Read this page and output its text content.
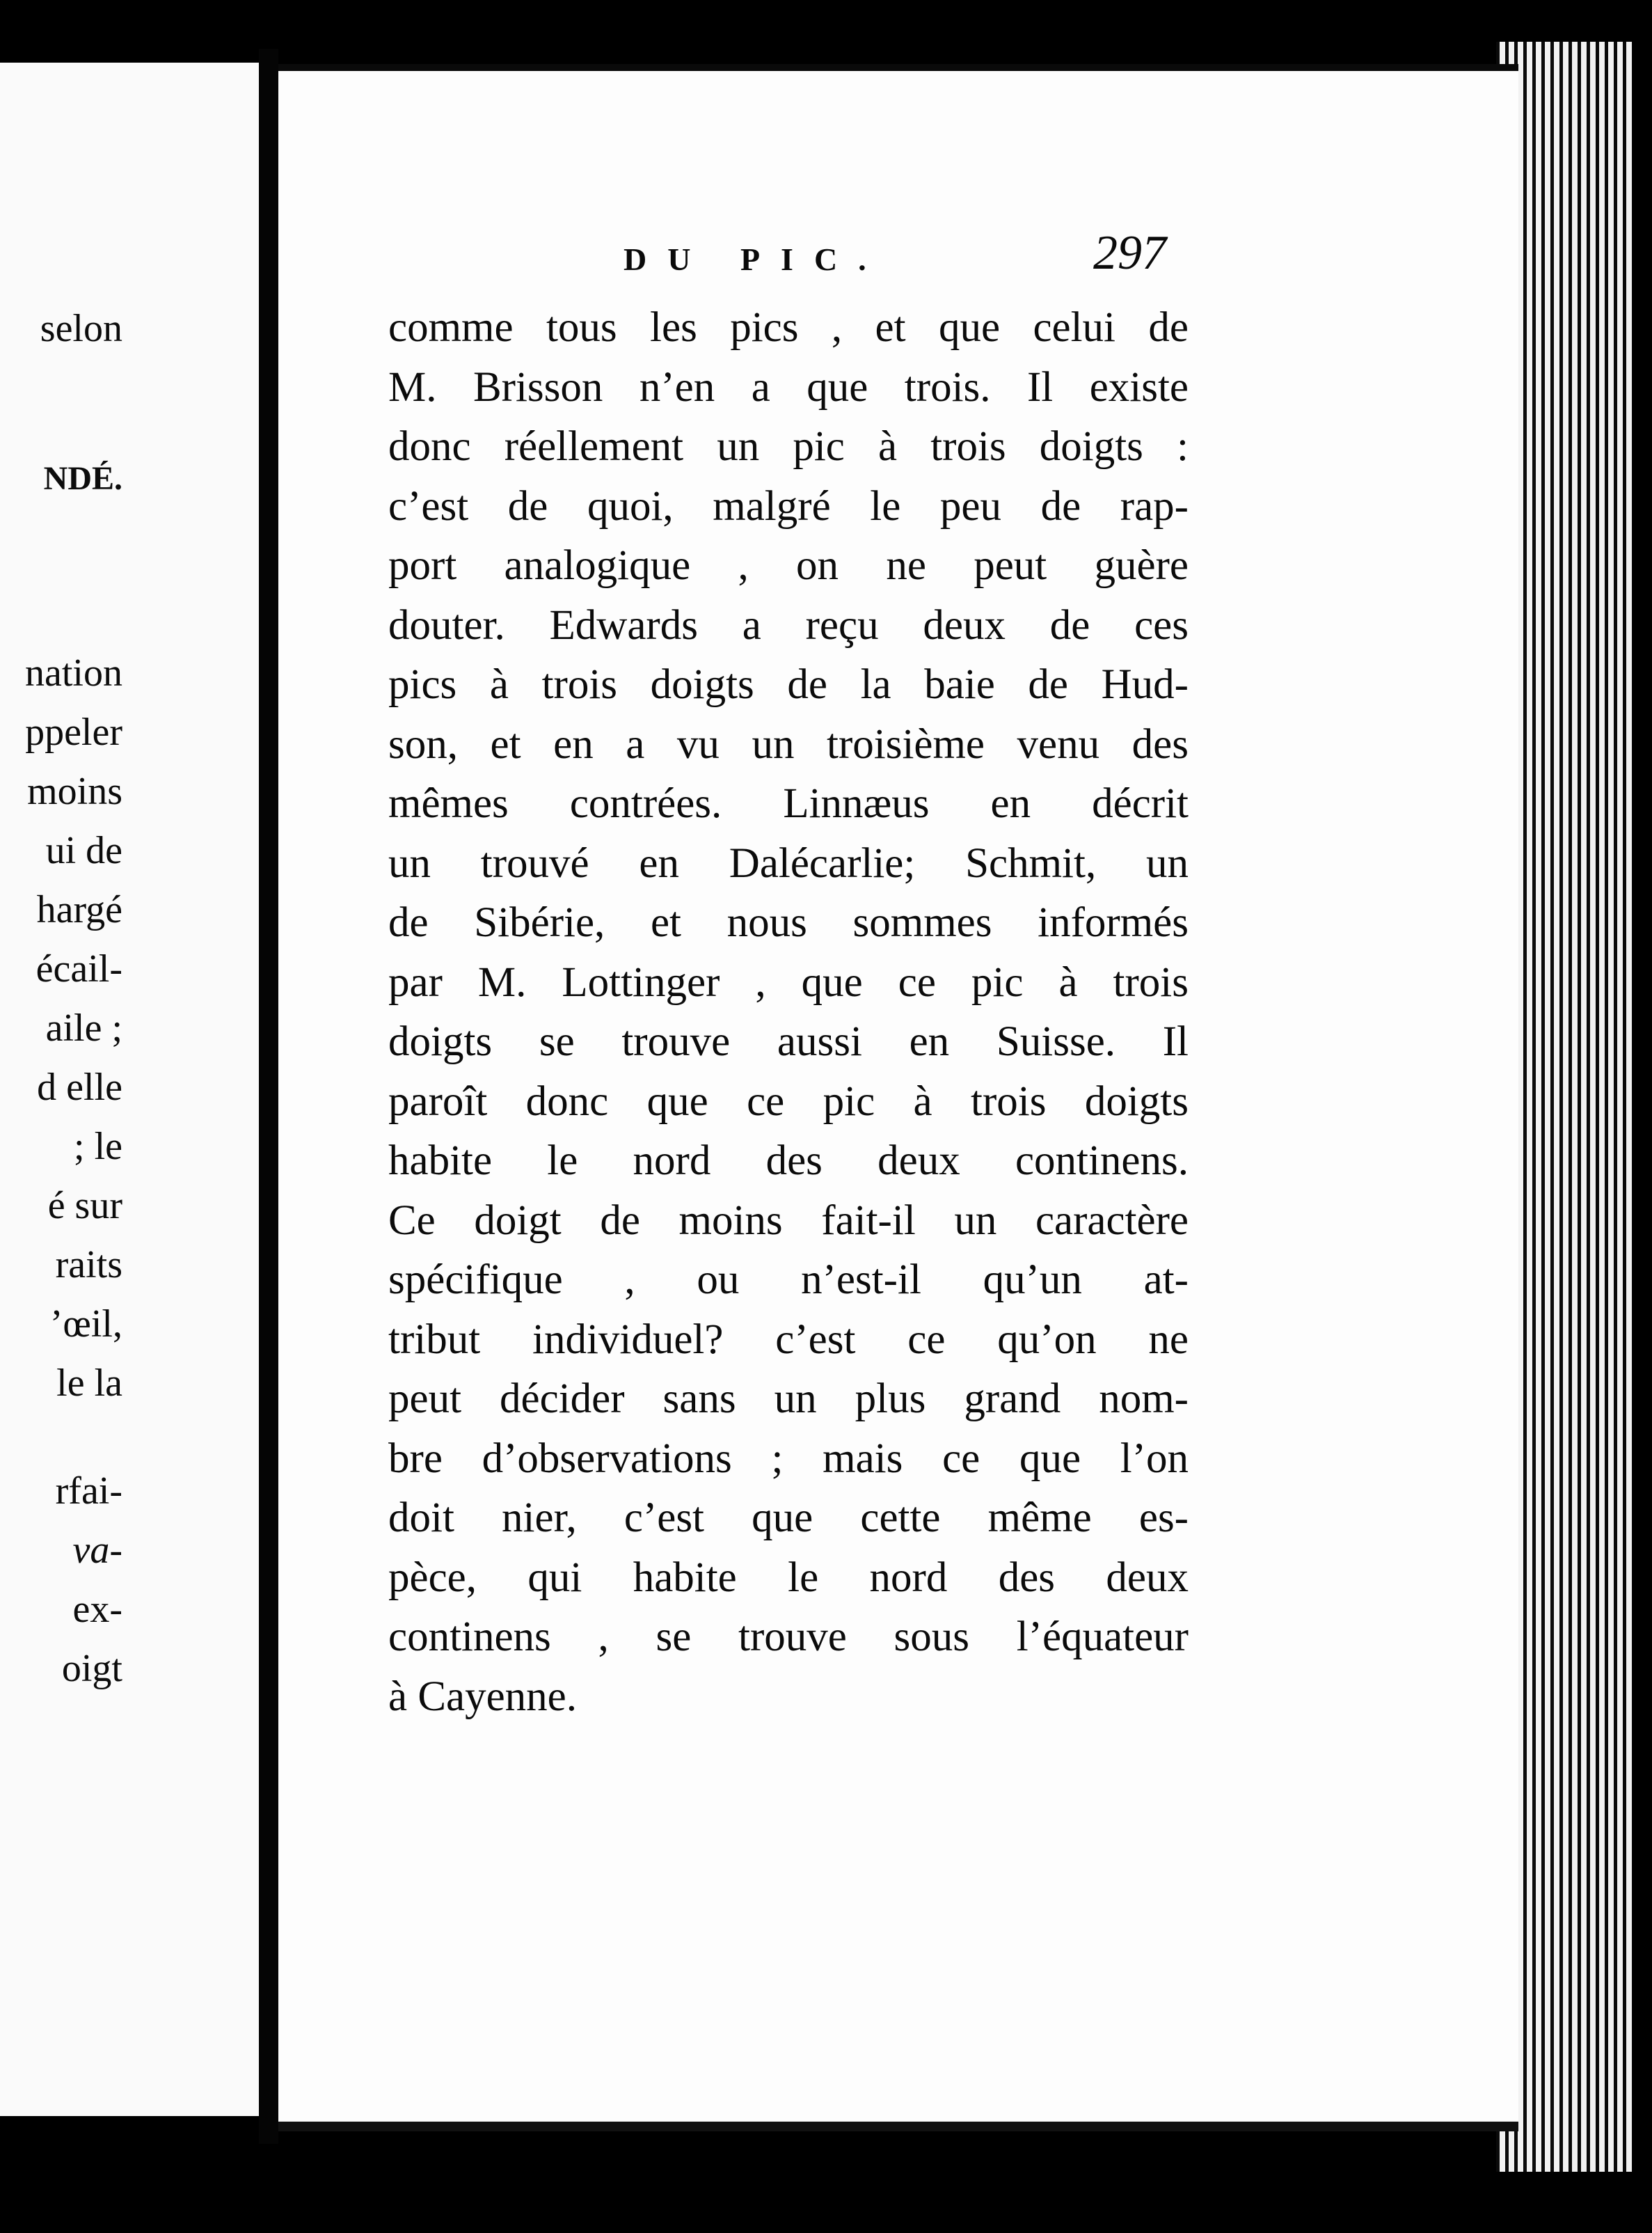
selon

NDÉ.

nation

ppeler

moins

ui de

hargé

écail-

aile ;

d elle

; le

é sur

raits

’œil,

le la

rfai-

va-

ex-

oigt

DU PIC.	297
comme tous les pics , et que celui de
M. Brisson n’en a que trois. Il existe
donc réellement un pic à trois doigts :
c’est de quoi, malgré le peu de rap-
port analogique , on ne peut guère
douter. Edwards a reçu deux de ces
pics à trois doigts de la baie de Hud-
son, et en a vu un troisième venu des
mêmes contrées. Linnæus en décrit
un trouvé en Dalécarlie; Schmit, un
de Sibérie, et nous sommes informés
par M. Lottinger , que ce pic à trois
doigts se trouve aussi en Suisse. Il
paroît donc que ce pic à trois doigts
habite le nord des deux continens.
Ce doigt de moins fait-il un caractère
spécifique , ou n’est-il qu’un at-
tribut individuel? c’est ce qu’on ne
peut décider sans un plus grand nom-
bre d’observations ; mais ce que l’on
doit nier, c’est que cette même es-
pèce, qui habite le nord des deux
continens , se trouve sous l’équateur
à Cayenne.
